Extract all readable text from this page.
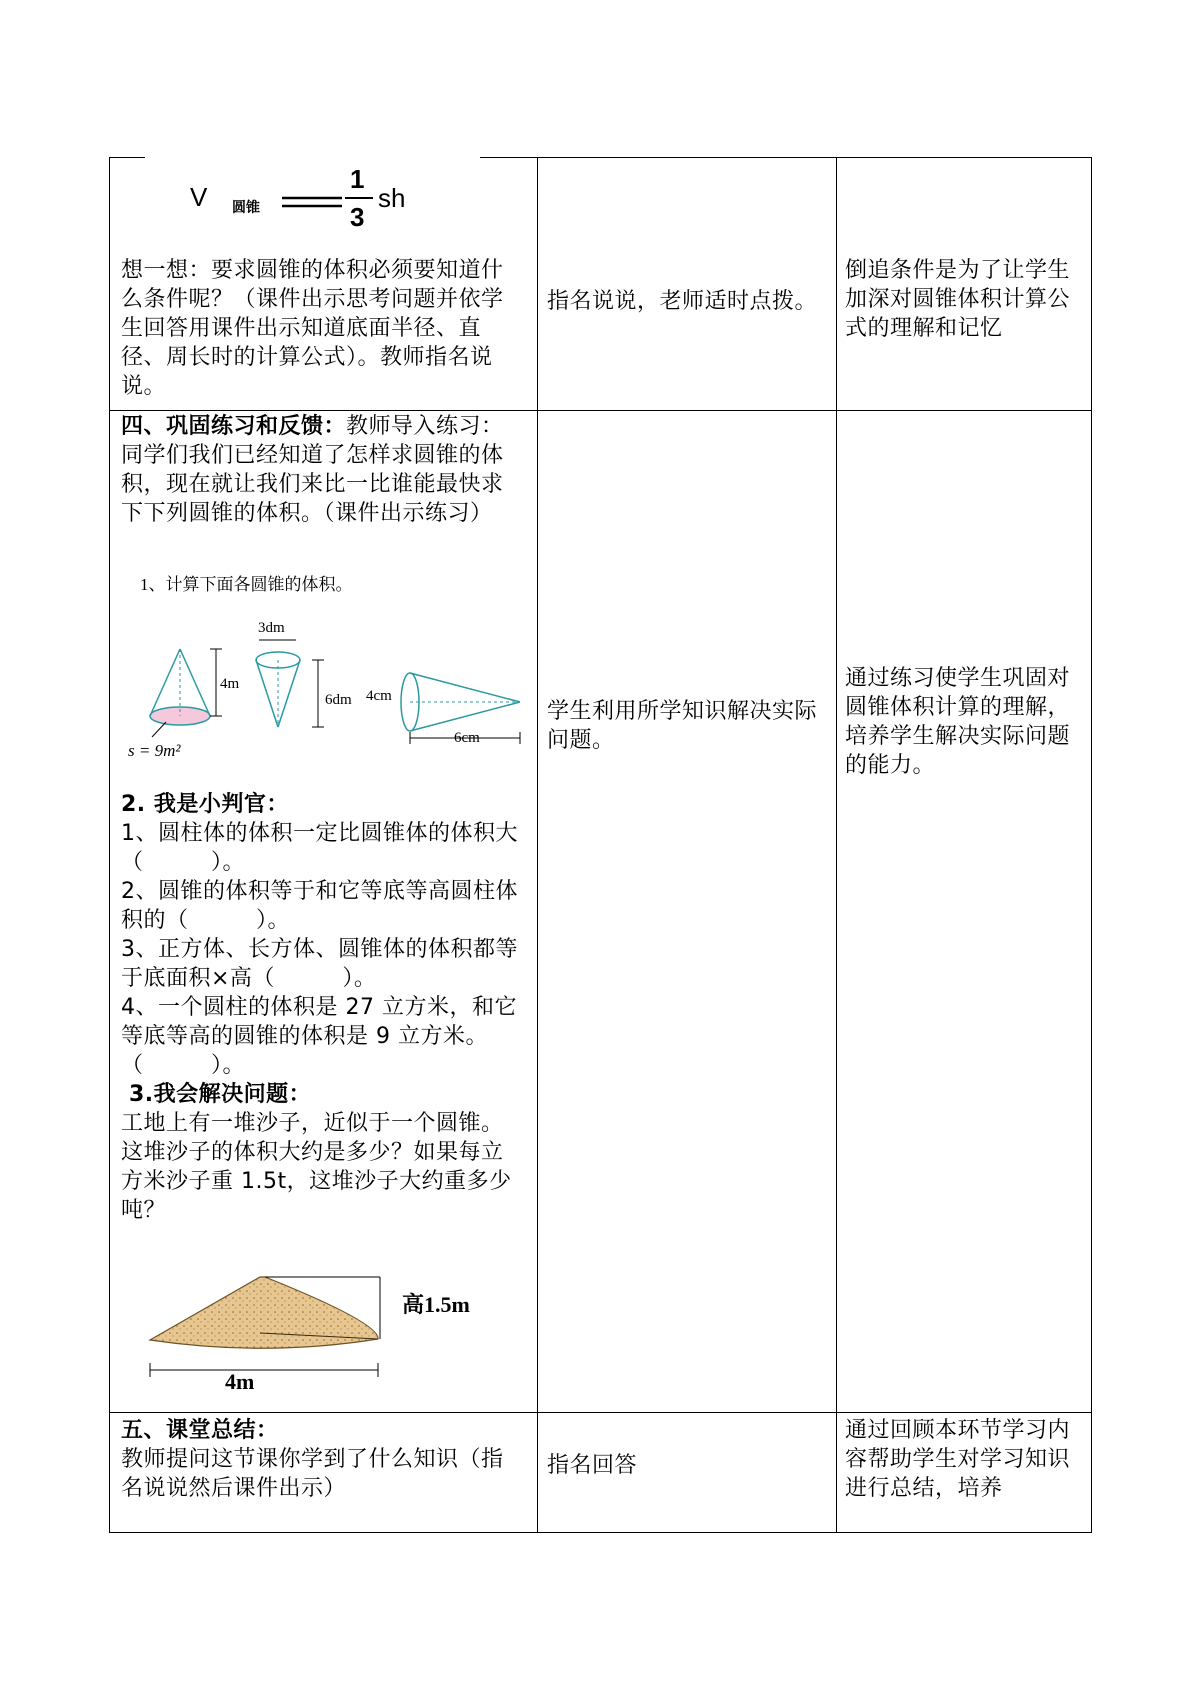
V 圆锥
1
3
sh
想一想：要求圆锥的体积必须要知道什么条件呢？（课件出示思考问题并依学生回答用课件出示知道底面半径、直径、周长时的计算公式）。教师指名说说。
指名说说，老师适时点拨。
倒追条件是为了让学生加深对圆锥体积计算公式的理解和记忆
四、巩固练习和反馈：教师导入练习：同学们我们已经知道了怎样求圆锥的体积，现在就让我们来比一比谁能最快求下下列圆锥的体积。（课件出示练习）
1、计算下面各圆锥的体积。
4m
s = 9m²
3dm
6dm 4cm
6cm
2. 我是小判官：
1、圆柱体的体积一定比圆锥体的体积大（　　　）。
2、圆锥的体积等于和它等底等高圆柱体积的（　　　）。
3、正方体、长方体、圆锥体的体积都等于底面积×高（　　　）。
4、一个圆柱的体积是 27 立方米，和它等底等高的圆锥的体积是 9 立方米。（　　　）。
3.我会解决问题：
工地上有一堆沙子，近似于一个圆锥。这堆沙子的体积大约是多少？如果每立方米沙子重 1.5t，这堆沙子大约重多少吨？
高1.5m
4m
学生利用所学知识解决实际问题。
通过练习使学生巩固对圆锥体积计算的理解，培养学生解决实际问题的能力。
五、课堂总结：
教师提问这节课你学到了什么知识（指名说说然后课件出示）
指名回答
通过回顾本环节学习内容帮助学生对学习知识进行总结，培养
